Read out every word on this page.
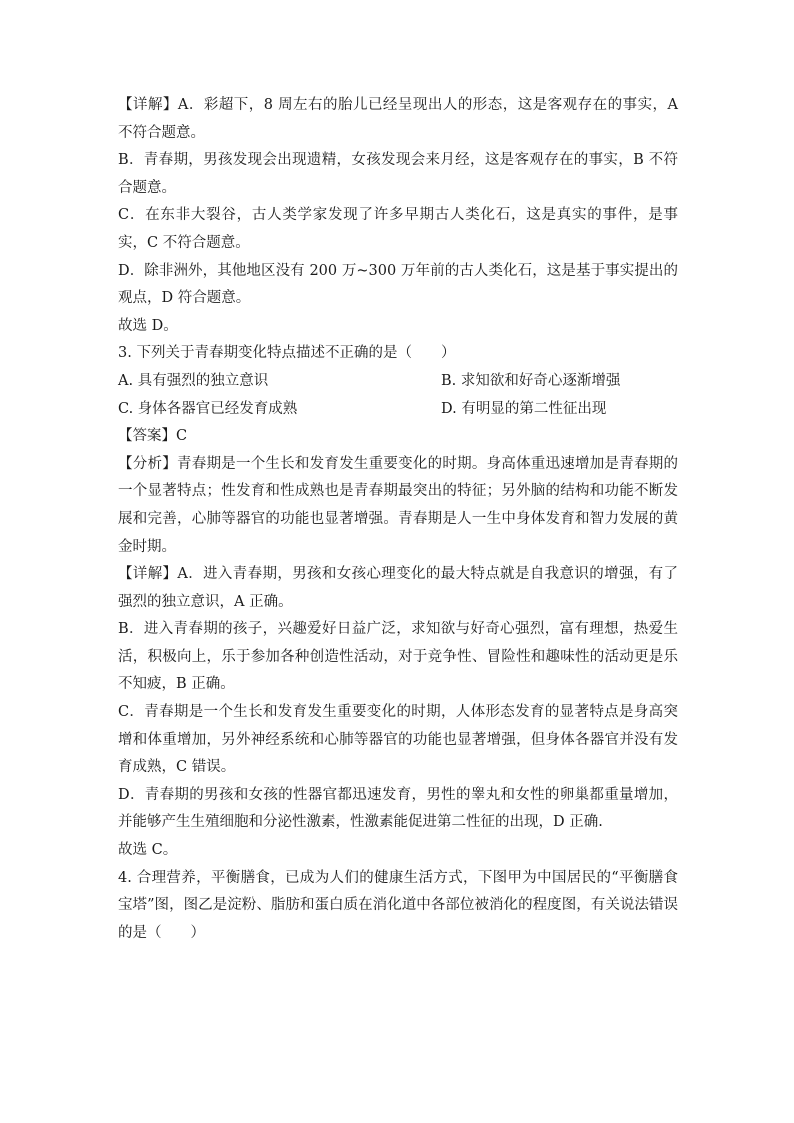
【详解】A．彩超下，8 周左右的胎儿已经呈现出人的形态，这是客观存在的事实，A 不符合题意。

B．青春期，男孩发现会出现遗精，女孩发现会来月经，这是客观存在的事实，B 不符合题意。

C．在东非大裂谷，古人类学家发现了许多早期古人类化石，这是真实的事件，是事实，C 不符合题意。

D．除非洲外，其他地区没有 200 万~300 万年前的古人类化石，这是基于事实提出的观点，D 符合题意。

故选 D。

3. 下列关于青春期变化特点描述不正确的是（　　）

A. 具有强烈的独立意识	B. 求知欲和好奇心逐渐增强
C. 身体各器官已经发育成熟	D. 有明显的第二性征出现

【答案】C

【分析】青春期是一个生长和发育发生重要变化的时期。身高体重迅速增加是青春期的一个显著特点；性发育和性成熟也是青春期最突出的特征；另外脑的结构和功能不断发展和完善，心肺等器官的功能也显著增强。青春期是人一生中身体发育和智力发展的黄金时期。

【详解】A．进入青春期，男孩和女孩心理变化的最大特点就是自我意识的增强，有了强烈的独立意识，A 正确。

B．进入青春期的孩子，兴趣爱好日益广泛，求知欲与好奇心强烈，富有理想，热爱生活，积极向上，乐于参加各种创造性活动，对于竞争性、冒险性和趣味性的活动更是乐不知疲，B 正确。

C．青春期是一个生长和发育发生重要变化的时期，人体形态发育的显著特点是身高突增和体重增加，另外神经系统和心肺等器官的功能也显著增强，但身体各器官并没有发育成熟，C 错误。

D．青春期的男孩和女孩的性器官都迅速发育，男性的睾丸和女性的卵巢都重量增加，并能够产生生殖细胞和分泌性激素，性激素能促进第二性征的出现，D 正确.

故选 C。

4. 合理营养，平衡膳食，已成为人们的健康生活方式，下图甲为中国居民的“平衡膳食宝塔”图，图乙是淀粉、脂肪和蛋白质在消化道中各部位被消化的程度图，有关说法错误的是（　　）
